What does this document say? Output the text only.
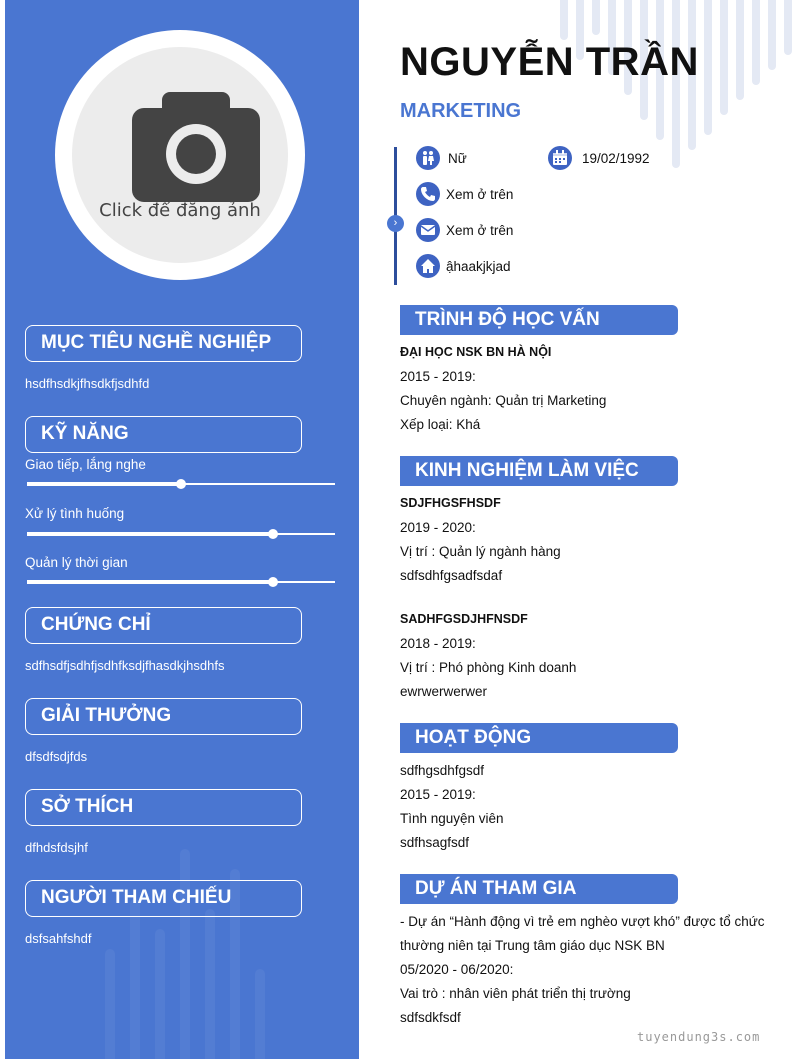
Click để đăng ảnh
MỤC TIÊU NGHỀ NGHIỆP
hsdfhsdkjfhsdkfjsdhfd
KỸ NĂNG
Giao tiếp, lắng nghe
Xử lý tình huống
Quản lý thời gian
CHỨNG CHỈ
sdfhsdfjsdhfjsdhfksdjfhasdkjhsdhfs
GIẢI THƯỞNG
dfsdfsdjfds
SỞ THÍCH
dfhdsfdsjhf
NGƯỜI THAM CHIẾU
dsfsahfshdf
NGUYỄN TRẦN
MARKETING
›
Nữ	19/02/1992
Xem ở trên
Xem ở trên
ậhaakjkjad
TRÌNH ĐỘ HỌC VẤN
ĐẠI HỌC NSK BN HÀ NỘI
2015 - 2019:
Chuyên ngành: Quản trị Marketing
Xếp loại: Khá
KINH NGHIỆM LÀM VIỆC
SDJFHGSFHSDF
2019 - 2020:
Vị trí : Quản lý ngành hàng
sdfsdhfgsadfsdaf
SADHFGSDJHFNSDF
2018 - 2019:
Vị trí : Phó phòng Kinh doanh
ewrwerwerwer
HOẠT ĐỘNG
sdfhgsdhfgsdf
2015 - 2019:
Tình nguyện viên
sdfhsagfsdf
DỰ ÁN THAM GIA
- Dự án “Hành động vì trẻ em nghèo vượt khó” được tổ chức
thường niên tại Trung tâm giáo dục NSK BN
05/2020 - 06/2020:
Vai trò : nhân viên phát triển thị trường
sdfsdkfsdf
tuyendung3s.com
